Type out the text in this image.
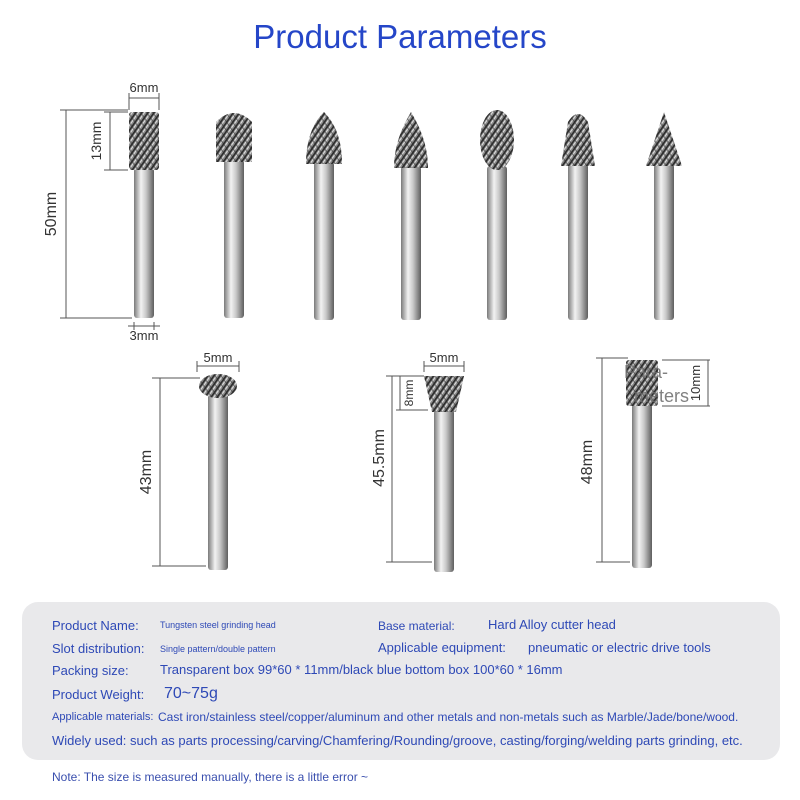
Product Parameters
6mm
13mm
50mm
3mm
5mm
43mm
5mm
8mm
45.5mm
10mm
48mm
Para-meters
Product Name: Tungsten steel grinding head	Base material:	Hard Alloy cutter head
Slot distribution: Single pattern/double pattern	Applicable equipment: pneumatic or electric drive tools
Packing size: Transparent box 99*60 * 11mm/black blue bottom box 100*60 * 16mm
Product Weight: 70~75g
Applicable materials: Cast iron/stainless steel/copper/aluminum and other metals and non-metals such as Marble/Jade/bone/wood.
Widely used: such as parts processing/carving/Chamfering/Rounding/groove, casting/forging/welding parts grinding, etc.
Note: The size is measured manually, there is a little error ~
